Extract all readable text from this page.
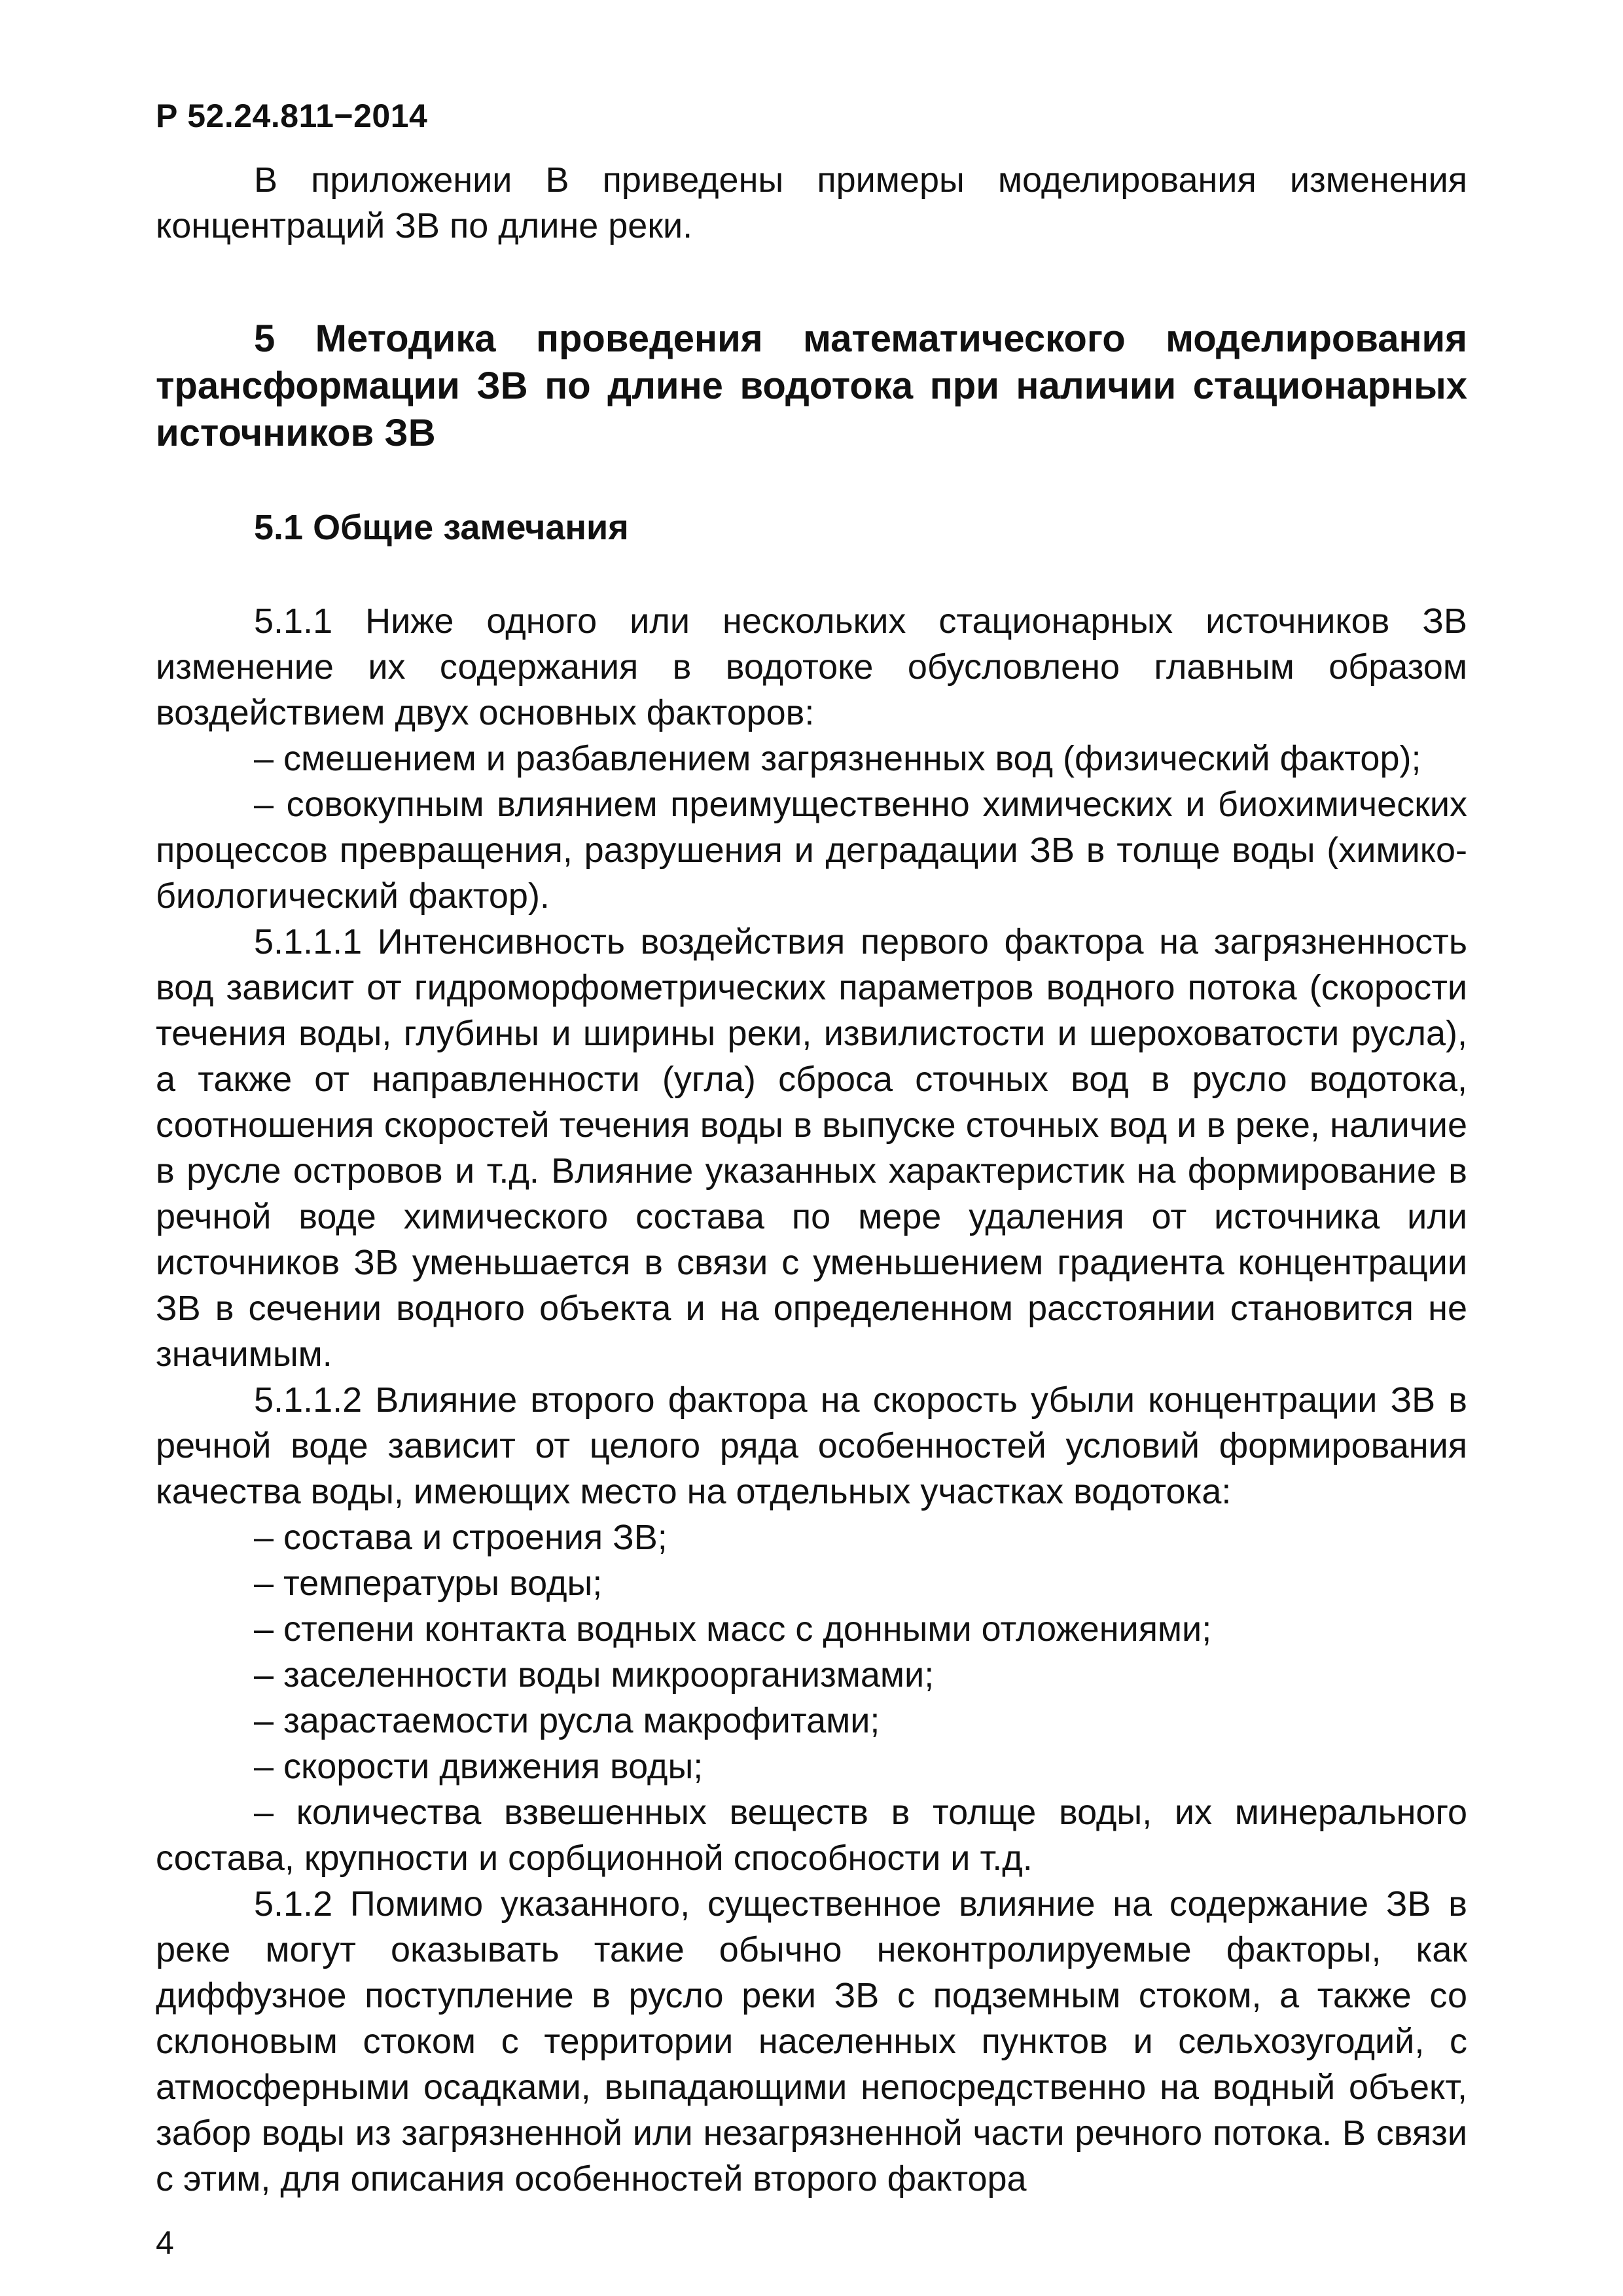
Р 52.24.811−2014

В приложении В приведены примеры моделирования изменения концентраций ЗВ по длине реки.

5 Методика проведения математического моделирования трансформации ЗВ по длине водотока при наличии стационарных источников ЗВ

5.1 Общие замечания

5.1.1 Ниже одного или нескольких стационарных источников ЗВ изменение их содержания в водотоке обусловлено главным образом воздействием двух основных факторов:

– смешением и разбавлением загрязненных вод (физический фактор);

– совокупным влиянием преимущественно химических и биохимических процессов превращения, разрушения и деградации ЗВ в толще воды (химико-биологический фактор).

5.1.1.1 Интенсивность воздействия первого фактора на загрязненность вод зависит от гидроморфометрических параметров водного потока (скорости течения воды, глубины и ширины реки, извилистости и шероховатости русла), а также от направленности (угла) сброса сточных вод в русло водотока, соотношения скоростей течения воды в выпуске сточных вод и в реке, наличие в русле островов и т.д. Влияние указанных характеристик на формирование в речной воде химического состава по мере удаления от источника или источников ЗВ уменьшается в связи с уменьшением градиента концентрации ЗВ в сечении водного объекта и на определенном расстоянии становится не значимым.

5.1.1.2 Влияние второго фактора на скорость убыли концентрации ЗВ в речной воде зависит от целого ряда особенностей условий формирования качества воды, имеющих место на отдельных участках водотока:

– состава и строения ЗВ;

– температуры воды;

– степени контакта водных масс с донными отложениями;

– заселенности воды микроорганизмами;

– зарастаемости русла макрофитами;

– скорости движения воды;

– количества взвешенных веществ в толще воды, их минерального состава, крупности и сорбционной способности и т.д.

5.1.2 Помимо указанного, существенное влияние на содержание ЗВ в реке могут оказывать такие обычно неконтролируемые факторы, как диффузное поступление в русло реки ЗВ с подземным стоком, а также со склоновым стоком с территории населенных пунктов и сельхозугодий, с атмосферными осадками, выпадающими непосредственно на водный объект, забор воды из загрязненной или незагрязненной части речного потока. В связи с этим, для описания особенностей второго фактора

4
